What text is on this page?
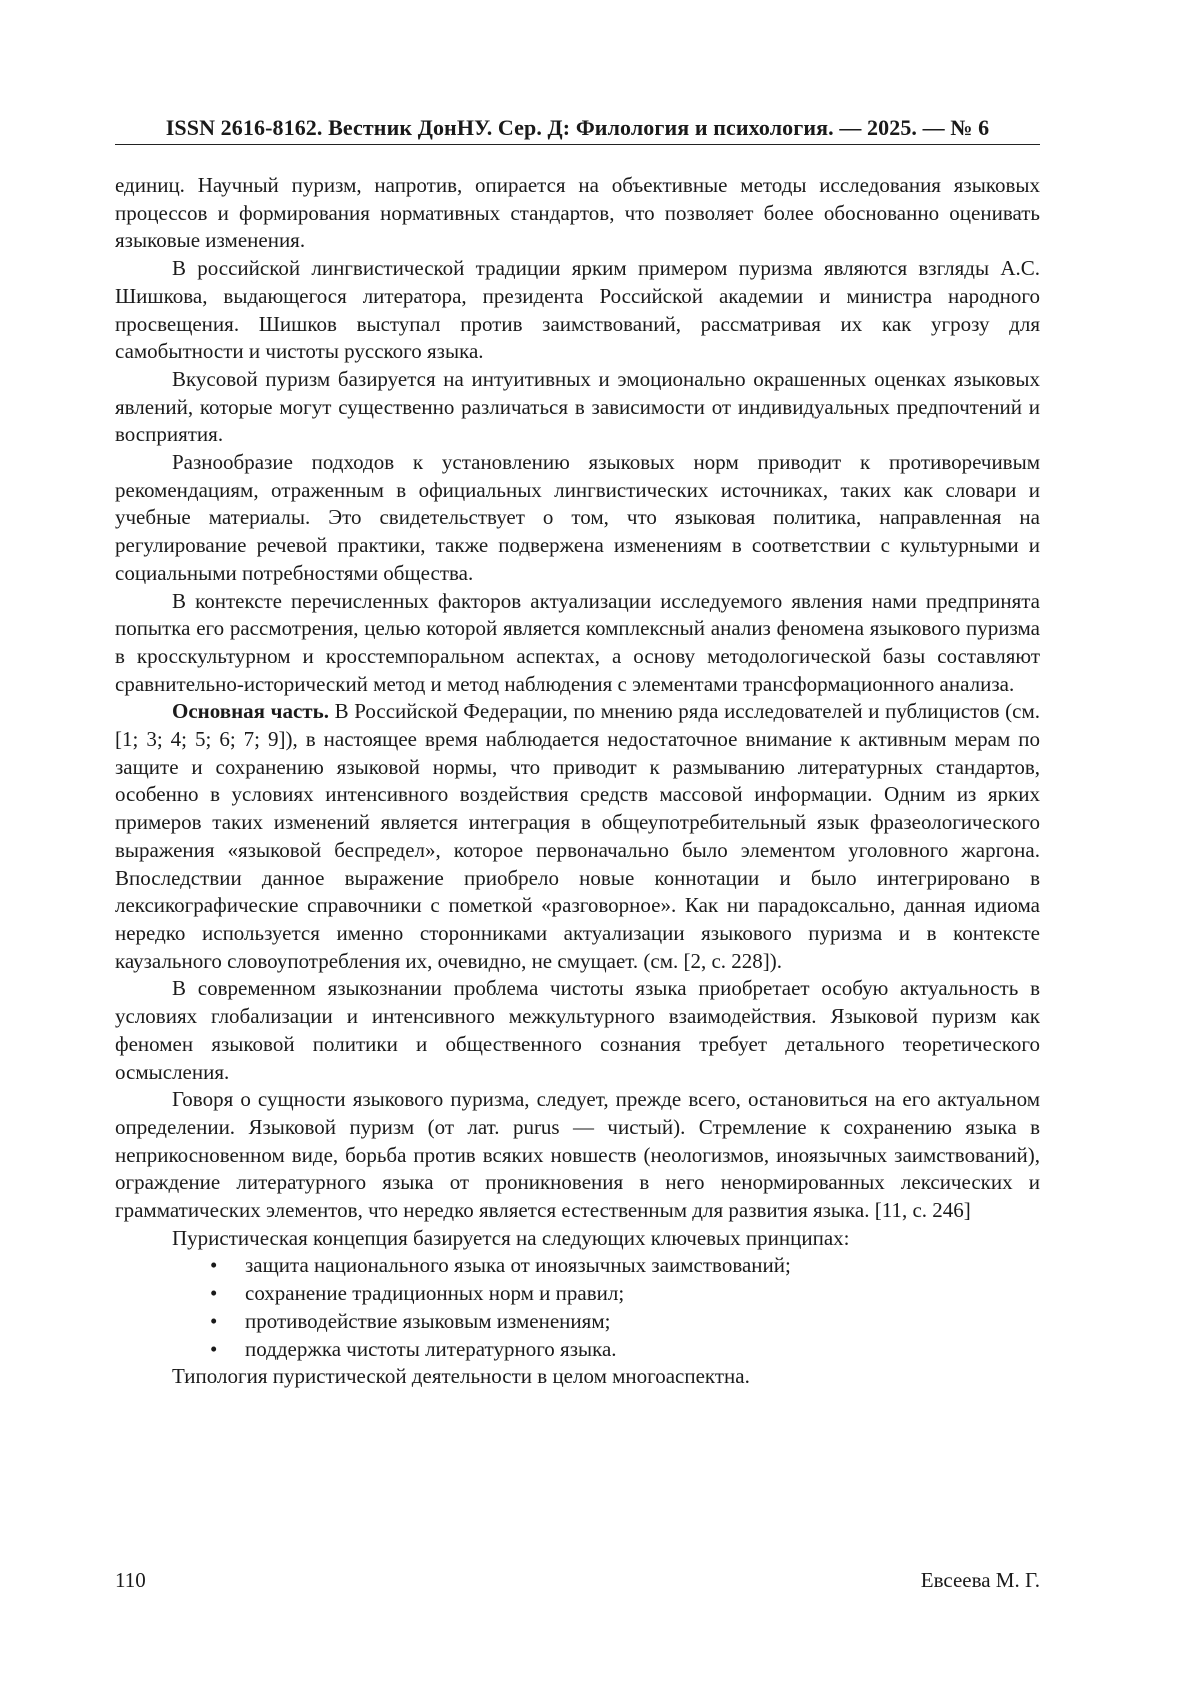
ISSN 2616-8162. Вестник ДонНУ. Сер. Д: Филология и психология. — 2025. — № 6

единиц. Научный пуризм, напротив, опирается на объективные методы исследования языковых процессов и формирования нормативных стандартов, что позволяет более обоснованно оценивать языковые изменения.

В российской лингвистической традиции ярким примером пуризма являются взгляды А.С. Шишкова, выдающегося литератора, президента Российской академии и министра народного просвещения. Шишков выступал против заимствований, рассматривая их как угрозу для самобытности и чистоты русского языка.

Вкусовой пуризм базируется на интуитивных и эмоционально окрашенных оценках языковых явлений, которые могут существенно различаться в зависимости от индивидуальных предпочтений и восприятия.

Разнообразие подходов к установлению языковых норм приводит к противоречивым рекомендациям, отраженным в официальных лингвистических источниках, таких как словари и учебные материалы. Это свидетельствует о том, что языковая политика, направленная на регулирование речевой практики, также подвержена изменениям в соответствии с культурными и социальными потребностями общества.

В контексте перечисленных факторов актуализации исследуемого явления нами предпринята попытка его рассмотрения, целью которой является комплексный анализ феномена языкового пуризма в кросскультурном и кросстемпоральном аспектах, а основу методологической базы составляют сравнительно-исторический метод и метод наблюдения с элементами трансформационного анализа.

Основная часть. В Российской Федерации, по мнению ряда исследователей и публицистов (см. [1; 3; 4; 5; 6; 7; 9]), в настоящее время наблюдается недостаточное внимание к активным мерам по защите и сохранению языковой нормы, что приводит к размыванию литературных стандартов, особенно в условиях интенсивного воздействия средств массовой информации. Одним из ярких примеров таких изменений является интеграция в общеупотребительный язык фразеологического выражения «языковой беспредел», которое первоначально было элементом уголовного жаргона. Впоследствии данное выражение приобрело новые коннотации и было интегрировано в лексикографические справочники с пометкой «разговорное». Как ни парадоксально, данная идиома нередко используется именно сторонниками актуализации языкового пуризма и в контексте каузального словоупотребления их, очевидно, не смущает. (см. [2, с. 228]).

В современном языкознании проблема чистоты языка приобретает особую актуальность в условиях глобализации и интенсивного межкультурного взаимодействия. Языковой пуризм как феномен языковой политики и общественного сознания требует детального теоретического осмысления.

Говоря о сущности языкового пуризма, следует, прежде всего, остановиться на его актуальном определении. Языковой пуризм (от лат. purus — чистый). Стремление к сохранению языка в неприкосновенном виде, борьба против всяких новшеств (неологизмов, иноязычных заимствований), ограждение литературного языка от проникновения в него ненормированных лексических и грамматических элементов, что нередко является естественным для развития языка. [11, с. 246]

Пуристическая концепция базируется на следующих ключевых принципах:

• защита национального языка от иноязычных заимствований;
• сохранение традиционных норм и правил;
• противодействие языковым изменениям;
• поддержка чистоты литературного языка.

Типология пуристической деятельности в целом многоаспектна.

110	Евсеева М. Г.
